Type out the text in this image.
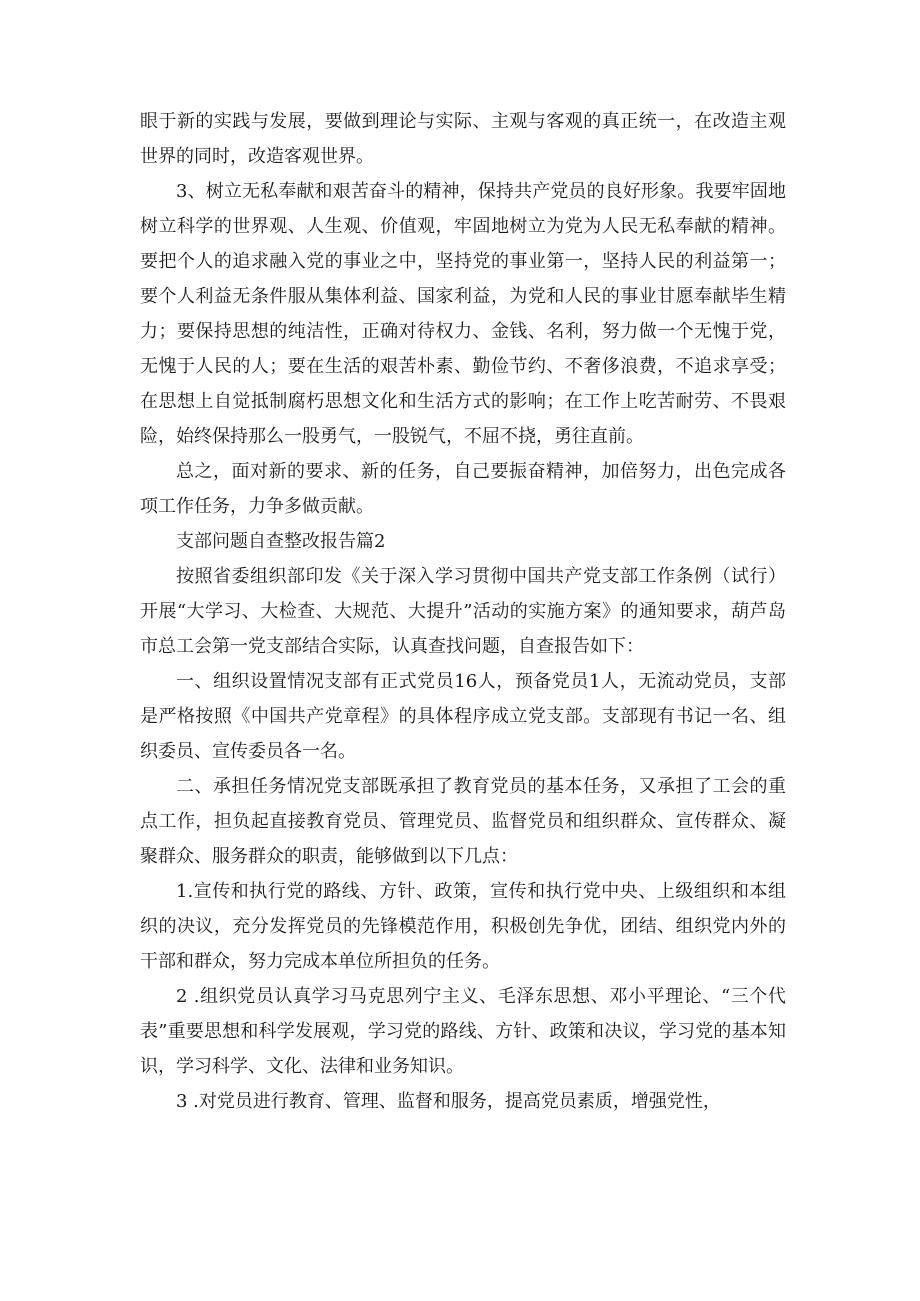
眼于新的实践与发展，要做到理论与实际、主观与客观的真正统一，在改造主观世界的同时，改造客观世界。

3、树立无私奉献和艰苦奋斗的精神，保持共产党员的良好形象。我要牢固地树立科学的世界观、人生观、价值观，牢固地树立为党为人民无私奉献的精神。要把个人的追求融入党的事业之中，坚持党的事业第一，坚持人民的利益第一；要个人利益无条件服从集体利益、国家利益，为党和人民的事业甘愿奉献毕生精力；要保持思想的纯洁性，正确对待权力、金钱、名利，努力做一个无愧于党，无愧于人民的人；要在生活的艰苦朴素、勤俭节约、不奢侈浪费，不追求享受；在思想上自觉抵制腐朽思想文化和生活方式的影响；在工作上吃苦耐劳、不畏艰险，始终保持那么一股勇气，一股锐气，不屈不挠，勇往直前。

总之，面对新的要求、新的任务，自己要振奋精神，加倍努力，出色完成各项工作任务，力争多做贡献。

支部问题自查整改报告篇2

按照省委组织部印发《关于深入学习贯彻中国共产党支部工作条例（试行）开展“大学习、大检查、大规范、大提升”活动的实施方案》的通知要求，葫芦岛市总工会第一党支部结合实际，认真查找问题，自查报告如下：

一、组织设置情况支部有正式党员16人，预备党员1人，无流动党员，支部是严格按照《中国共产党章程》的具体程序成立党支部。支部现有书记一名、组织委员、宣传委员各一名。

二、承担任务情况党支部既承担了教育党员的基本任务，又承担了工会的重点工作，担负起直接教育党员、管理党员、监督党员和组织群众、宣传群众、凝聚群众、服务群众的职责，能够做到以下几点：

1.宣传和执行党的路线、方针、政策，宣传和执行党中央、上级组织和本组织的决议，充分发挥党员的先锋模范作用，积极创先争优，团结、组织党内外的干部和群众，努力完成本单位所担负的任务。

2 .组织党员认真学习马克思列宁主义、毛泽东思想、邓小平理论、“三个代表”重要思想和科学发展观，学习党的路线、方针、政策和决议，学习党的基本知识，学习科学、文化、法律和业务知识。

3 .对党员进行教育、管理、监督和服务，提高党员素质，增强党性，
